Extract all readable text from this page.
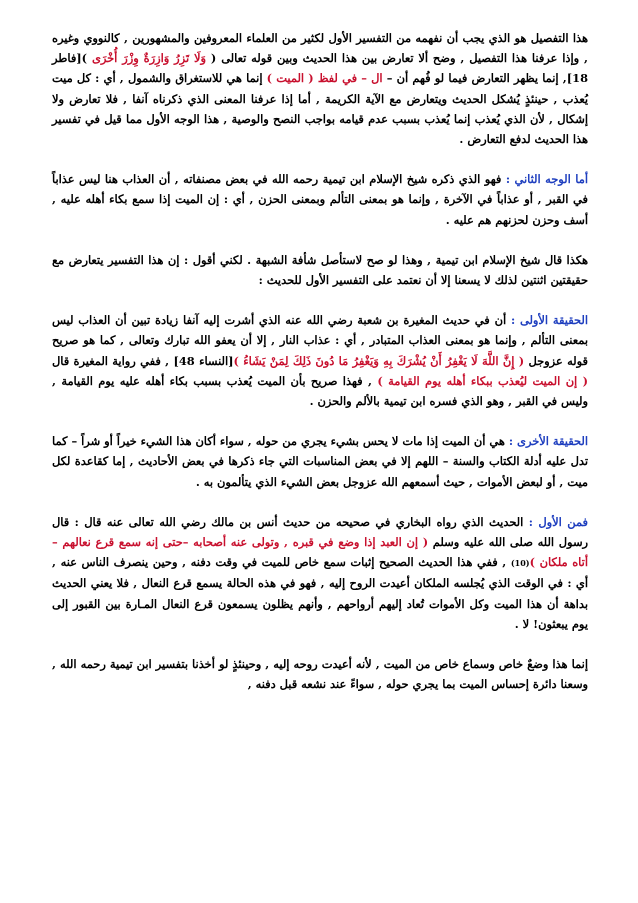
هذا التفصيل هو الذي يجب أن نفهمه من التفسير الأول لكثير من العلماء المعروفين والمشهورين , كالنووي وغيره , وإذا عرفنا هذا التفصيل , وضح ألا تعارض بين هذا الحديث وبين قوله تعالى ( وَلَا تَزِرُ وَازِرَةٌ وِزْرَ أُخْرَى )[فاطر 18], إنما يظهر التعارض فيما لو فُهم أن – ال – في لفظ ( الميت ) إنما هي للاستغراق والشمول , أي : كل ميت يُعذب , حينئذٍ يُشكل الحديث ويتعارض مع الآية الكريمة , أما إذا عرفنا المعنى الذي ذكرناه آنفا , فلا تعارض ولا إشكال , لأن الذي يُعذب إنما يُعذب بسبب عدم قيامه بواجب النصح والوصية , هذا الوجه الأول مما قيل في تفسير هذا الحديث لدفع التعارض .

أما الوجه الثاني : فهو الذي ذكره شيخ الإسلام ابن تيمية رحمه الله في بعض مصنفاته , أن العذاب هنا ليس عذاباً في القبر , أو عذاباً في الآخرة , وإنما هو بمعنى التألم وبمعنى الحزن , أي : إن الميت إذا سمع بكاء أهله عليه , أسف وحزن لحزنهم هم عليه .

هكذا قال شيخ الإسلام ابن تيمية , وهذا لو صح لاستأصل شأفة الشبهة . لكني أقول : إن هذا التفسير يتعارض مع حقيقتين اثنتين لذلك لا يسعنا إلا أن نعتمد على التفسير الأول للحديث :

الحقيقة الأولى : أن في حديث المغيرة بن شعبة رضي الله عنه الذي أشرت إليه آنفا زيادة تبين أن العذاب ليس بمعنى التألم , وإنما هو بمعنى العذاب المتبادر , أي : عذاب النار , إلا أن يعفو الله تبارك وتعالى , كما هو صريح قوله عزوجل ( إِنَّ اللَّهَ لَا يَغْفِرُ أَنْ يُشْرَكَ بِهِ وَيَغْفِرُ مَا دُونَ ذَلِكَ لِمَنْ يَشَاءُ )[النساء 48] , ففي رواية المغيرة قال ( إن الميت ليُعذب ببكاء أهله يوم القيامة ) , فهذا صريح بأن الميت يُعذب بسبب بكاء أهله عليه يوم القيامة , وليس في القبر , وهو الذي فسره ابن تيمية بالألم والحزن .

الحقيقة الأخرى : هي أن الميت إذا مات لا يحس بشيء يجري من حوله , سواء أكان هذا الشيء خيراً أو شراً – كما تدل عليه أدلة الكتاب والسنة – اللهم إلا في بعض المناسبات التي جاء ذكرها في بعض الأحاديث , إما كقاعدة لكل ميت , أو لبعض الأموات , حيث أسمعهم الله عزوجل بعض الشيء الذي يتألمون به .

فمن الأول : الحديث الذي رواه البخاري في صحيحه من حديث أنس بن مالك رضي الله تعالى عنه قال : قال رسول الله صلى الله عليه وسلم ( إن العبد إذا وضع في قبره , وتولى عنه أصحابه –حتى إنه سمع قرع نعالهم – أتاه ملكان )(10) , ففي هذا الحديث الصحيح إثبات سمع خاص للميت في وقت دفنه , وحين ينصرف الناس عنه , أي : في الوقت الذي يُجلسه الملكان أعيدت الروح إليه , فهو في هذه الحالة يسمع قرع النعال , فلا يعني الحديث بداهة أن هذا الميت وكل الأموات تُعاد إليهم أرواحهم , وأنهم يظلون يسمعون قرع النعال المـارة بين القبور إلى يوم يبعثون! لا .

إنما هذا وضعٌ خاص وسماع خاص من الميت , لأنه أعيدت روحه إليه , وحينئذٍ لو أخذنا بتفسير ابن تيمية رحمه الله , وسعنا دائرة إحساس الميت بما يجري حوله , سواءً عند نشعه قبل دفنه ,
